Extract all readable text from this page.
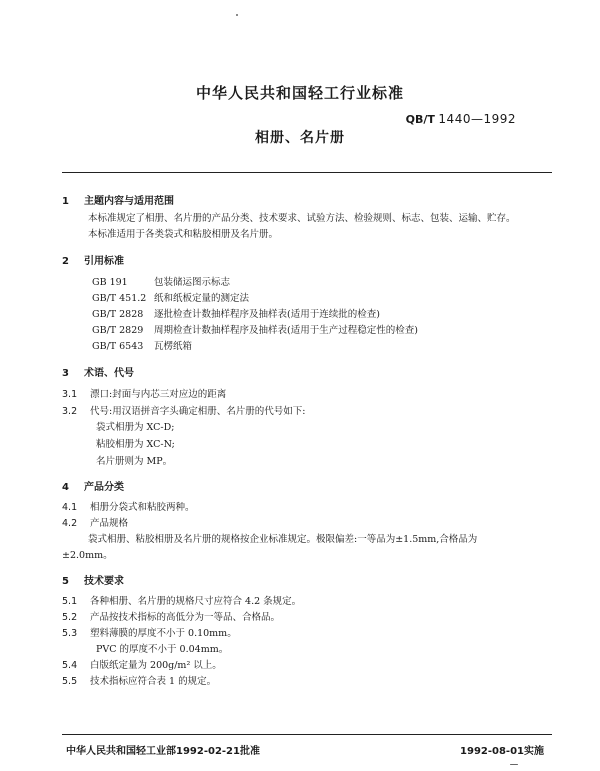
中华人民共和国轻工行业标准
QB/T 1440—1992
相册、名片册
1 主题内容与适用范围
本标准规定了相册、名片册的产品分类、技术要求、试验方法、检验规则、标志、包装、运输、贮存。
本标准适用于各类袋式和粘胶相册及名片册。
2 引用标准
GB 191	包装储运图示标志
GB/T 451.2 纸和纸板定量的测定法
GB/T 2828 逐批检查计数抽样程序及抽样表(适用于连续批的检查)
GB/T 2829 周期检查计数抽样程序及抽样表(适用于生产过程稳定性的检查)
GB/T 6543 瓦楞纸箱
3 术语、代号
3.1 漂口:封面与内芯三对应边的距离
3.2 代号:用汉语拼音字头确定相册、名片册的代号如下:
袋式相册为 XC-D;
粘胶相册为 XC-N;
名片册则为 MP。
4 产品分类
4.1 相册分袋式和粘胶两种。
4.2 产品规格
袋式相册、粘胶相册及名片册的规格按企业标准规定。极限偏差:一等品为±1.5mm,合格品为
±2.0mm。
5 技术要求
5.1 各种相册、名片册的规格尺寸应符合 4.2 条规定。
5.2 产品按技术指标的高低分为一等品、合格品。
5.3 塑料薄膜的厚度不小于 0.10mm。
PVC 的厚度不小于 0.04mm。
5.4 白版纸定量为 200g/m² 以上。
5.5 技术指标应符合表 1 的规定。
中华人民共和国轻工业部1992-02-21批准	1992-08-01实施
